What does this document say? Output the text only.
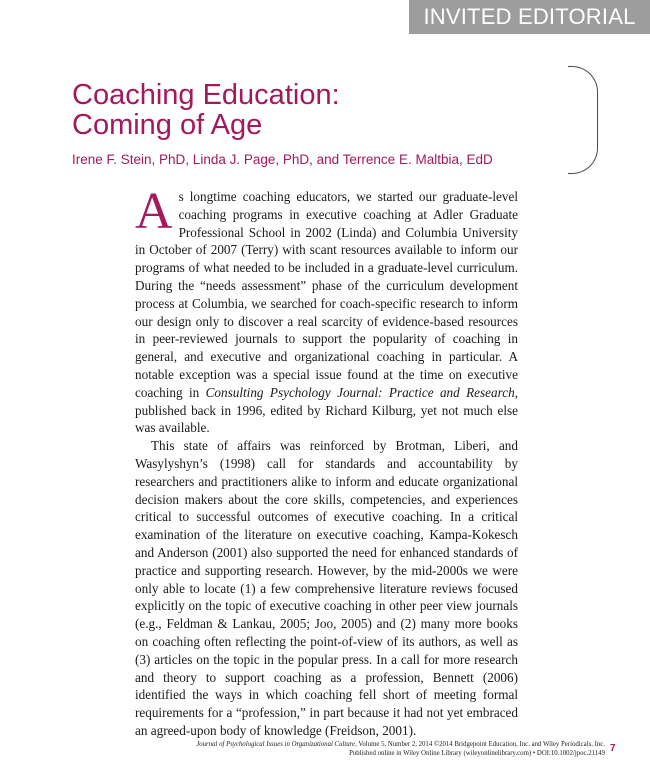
INVITED EDITORIAL
Coaching Education:
Coming of Age
Irene F. Stein, PhD, Linda J. Page, PhD, and Terrence E. Maltbia, EdD

As longtime coaching educators, we started our graduate-level coaching programs in executive coaching at Adler Graduate Professional School in 2002 (Linda) and Columbia University in October of 2007 (Terry) with scant resources available to inform our programs of what needed to be included in a graduate-level curriculum. During the “needs assessment” phase of the curriculum development process at Columbia, we searched for coach-specific research to inform our design only to discover a real scarcity of evidence-based resources in peer-reviewed journals to support the popularity of coaching in general, and executive and organizational coaching in particular. A notable exception was a special issue found at the time on executive coaching in Consulting Psychology Journal: Practice and Research, published back in 1996, edited by Richard Kilburg, yet not much else was available.

This state of affairs was reinforced by Brotman, Liberi, and Wasylyshyn’s (1998) call for standards and accountability by researchers and practitioners alike to inform and educate organizational decision makers about the core skills, competencies, and experiences critical to successful outcomes of executive coaching. In a critical examination of the literature on executive coaching, Kampa-Kokesch and Anderson (2001) also supported the need for enhanced standards of practice and supporting research. However, by the mid-2000s we were only able to locate (1) a few comprehensive literature reviews focused explicitly on the topic of executive coaching in other peer view journals (e.g., Feldman & Lankau, 2005; Joo, 2005) and (2) many more books on coaching often reflecting the point-of-view of its authors, as well as (3) articles on the topic in the popular press. In a call for more research and theory to support coaching as a profession, Bennett (2006) identified the ways in which coaching fell short of meeting formal requirements for a “profession,” in part because it had not yet embraced an agreed-upon body of knowledge (Freidson, 2001).

Journal of Psychological Issues in Organizational Culture, Volume 5, Number 2, 2014 ©2014 Bridgepoint Education, Inc. and Wiley Periodicals, Inc.
Published online in Wiley Online Library (wileyonlinelibrary.com) • DOI:10.1002/jpoc.21149 7
